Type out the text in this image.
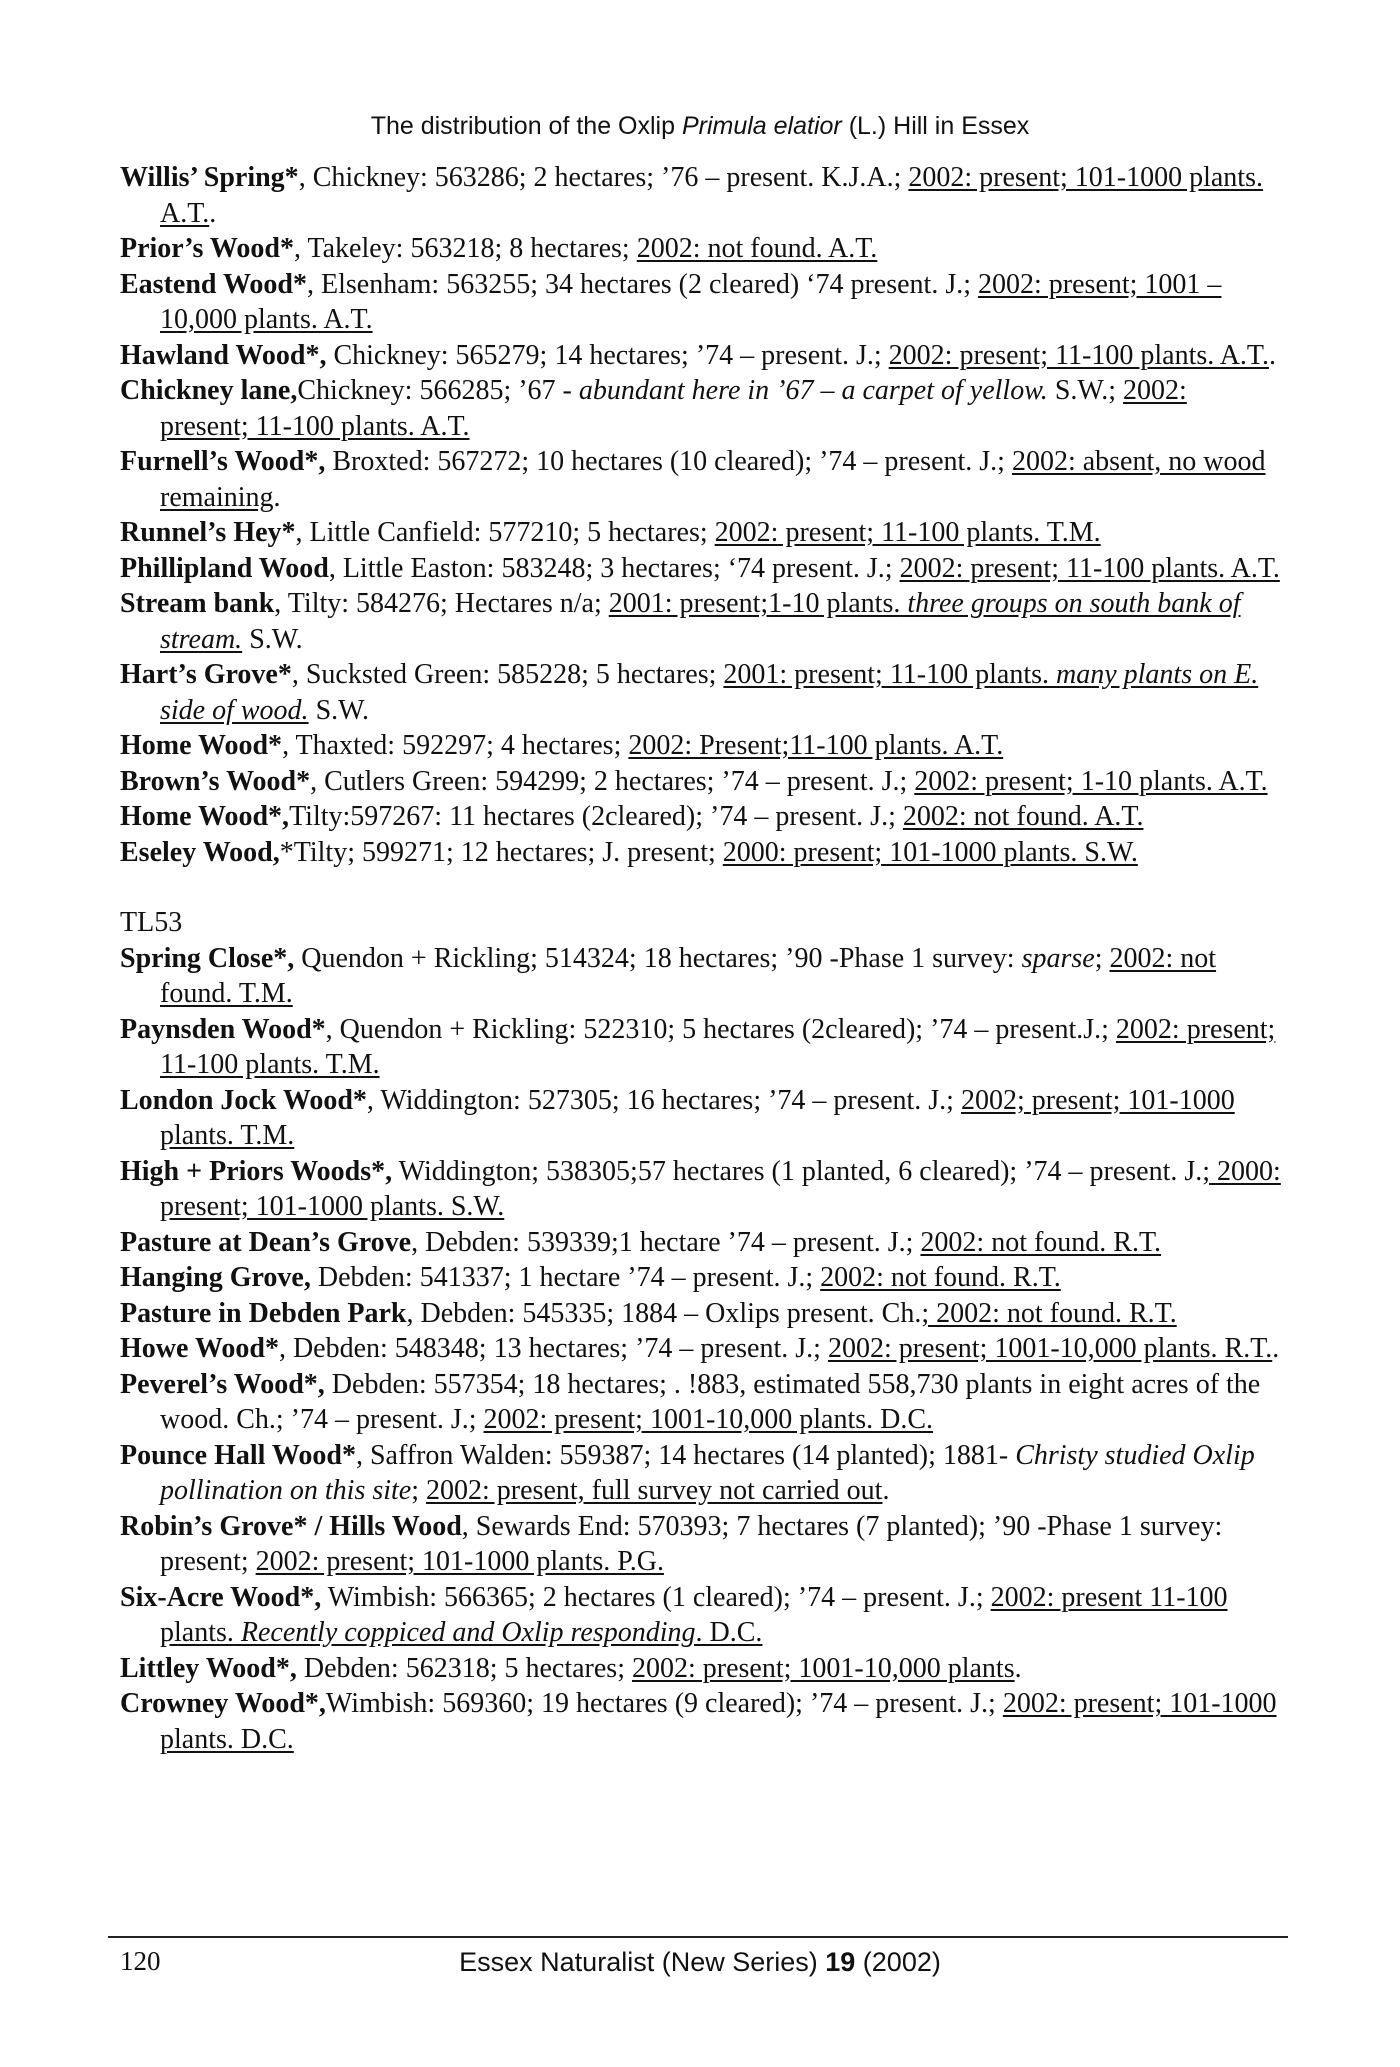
The distribution of the Oxlip Primula elatior (L.) Hill in Essex

Willis’ Spring*, Chickney: 563286; 2 hectares; ’76 – present. K.J.A.; 2002: present; 101-1000 plants. A.T..

Prior’s Wood*, Takeley: 563218; 8 hectares; 2002: not found. A.T.

Eastend Wood*, Elsenham: 563255; 34 hectares (2 cleared) ‘74 present. J.; 2002: present; 1001 – 10,000 plants. A.T.

Hawland Wood*, Chickney: 565279; 14 hectares; ’74 – present. J.; 2002: present; 11-100 plants. A.T..

Chickney lane,Chickney: 566285; ’67 - abundant here in ’67 – a carpet of yellow. S.W.; 2002: present; 11-100 plants. A.T.

Furnell’s Wood*, Broxted: 567272; 10 hectares (10 cleared); ’74 – present. J.; 2002: absent, no wood remaining.

Runnel’s Hey*, Little Canfield: 577210; 5 hectares; 2002: present; 11-100 plants. T.M.

Phillipland Wood, Little Easton: 583248; 3 hectares; ‘74 present. J.; 2002: present; 11-100 plants. A.T.

Stream bank, Tilty: 584276; Hectares n/a; 2001: present;1-10 plants. three groups on south bank of stream. S.W.

Hart’s Grove*, Sucksted Green: 585228; 5 hectares; 2001: present; 11-100 plants. many plants on E. side of wood. S.W.

Home Wood*, Thaxted: 592297; 4 hectares; 2002: Present;11-100 plants. A.T.

Brown’s Wood*, Cutlers Green: 594299; 2 hectares; ’74 – present. J.; 2002: present; 1-10 plants. A.T.

Home Wood*,Tilty:597267: 11 hectares (2cleared); ’74 – present. J.; 2002: not found. A.T.

Eseley Wood,*Tilty; 599271; 12 hectares; J. present; 2000: present; 101-1000 plants. S.W.

TL53

Spring Close*, Quendon + Rickling; 514324; 18 hectares; ’90 -Phase 1 survey: sparse; 2002: not found. T.M.

Paynsden Wood*, Quendon + Rickling: 522310; 5 hectares (2cleared); ’74 – present.J.; 2002: present; 11-100 plants. T.M.

London Jock Wood*, Widdington: 527305; 16 hectares; ’74 – present. J.; 2002; present; 101-1000 plants. T.M.

High + Priors Woods*, Widdington; 538305;57 hectares (1 planted, 6 cleared); ’74 – present. J.; 2000: present; 101-1000 plants. S.W.

Pasture at Dean’s Grove, Debden: 539339;1 hectare ’74 – present. J.; 2002: not found. R.T.

Hanging Grove, Debden: 541337; 1 hectare ’74 – present. J.; 2002: not found. R.T.

Pasture in Debden Park, Debden: 545335; 1884 – Oxlips present. Ch.; 2002: not found. R.T.

Howe Wood*, Debden: 548348; 13 hectares; ’74 – present. J.; 2002: present; 1001-10,000 plants. R.T..

Peverel’s Wood*, Debden: 557354; 18 hectares; . !883, estimated 558,730 plants in eight acres of the wood. Ch.; ’74 – present. J.; 2002: present; 1001-10,000 plants. D.C.

Pounce Hall Wood*, Saffron Walden: 559387; 14 hectares (14 planted); 1881- Christy studied Oxlip pollination on this site; 2002: present, full survey not carried out.

Robin’s Grove* / Hills Wood, Sewards End: 570393; 7 hectares (7 planted); ’90 -Phase 1 survey: present; 2002: present; 101-1000 plants. P.G.

Six-Acre Wood*, Wimbish: 566365; 2 hectares (1 cleared); ’74 – present. J.; 2002: present 11-100 plants. Recently coppiced and Oxlip responding. D.C.

Littley Wood*, Debden: 562318; 5 hectares; 2002: present; 1001-10,000 plants.

Crowney Wood*,Wimbish: 569360; 19 hectares (9 cleared); ’74 – present. J.; 2002: present; 101-1000 plants. D.C.

120	Essex Naturalist (New Series) 19 (2002)
